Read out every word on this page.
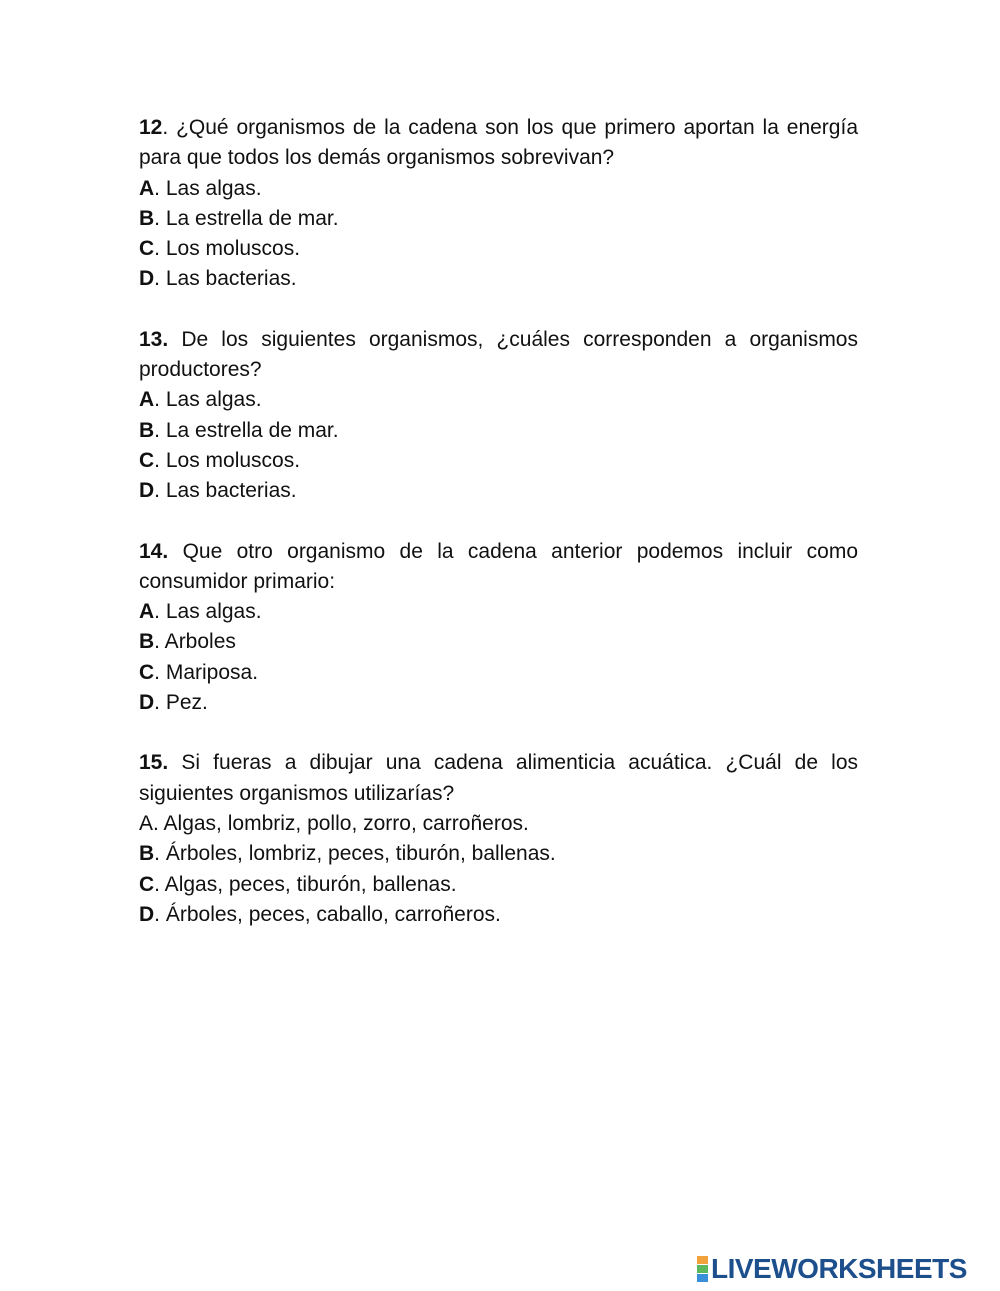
12. ¿Qué organismos de la cadena son los que primero aportan la energía para que todos los demás organismos sobrevivan?

A. Las algas.
B. La estrella de mar.
C. Los moluscos.
D. Las bacterias.

13. De los siguientes organismos, ¿cuáles corresponden a organismos productores?

A. Las algas.
B. La estrella de mar.
C. Los moluscos.
D. Las bacterias.

14. Que otro organismo de la cadena anterior podemos incluir como consumidor primario:

A. Las algas.
B. Arboles
C. Mariposa.
D. Pez.

15. Si fueras a dibujar una cadena alimenticia acuática. ¿Cuál de los siguientes organismos utilizarías?

A. Algas, lombriz, pollo, zorro, carroñeros.
B. Árboles, lombriz, peces, tiburón, ballenas.
C. Algas, peces, tiburón, ballenas.
D. Árboles, peces, caballo, carroñeros.
LIVEWORKSHEETS
